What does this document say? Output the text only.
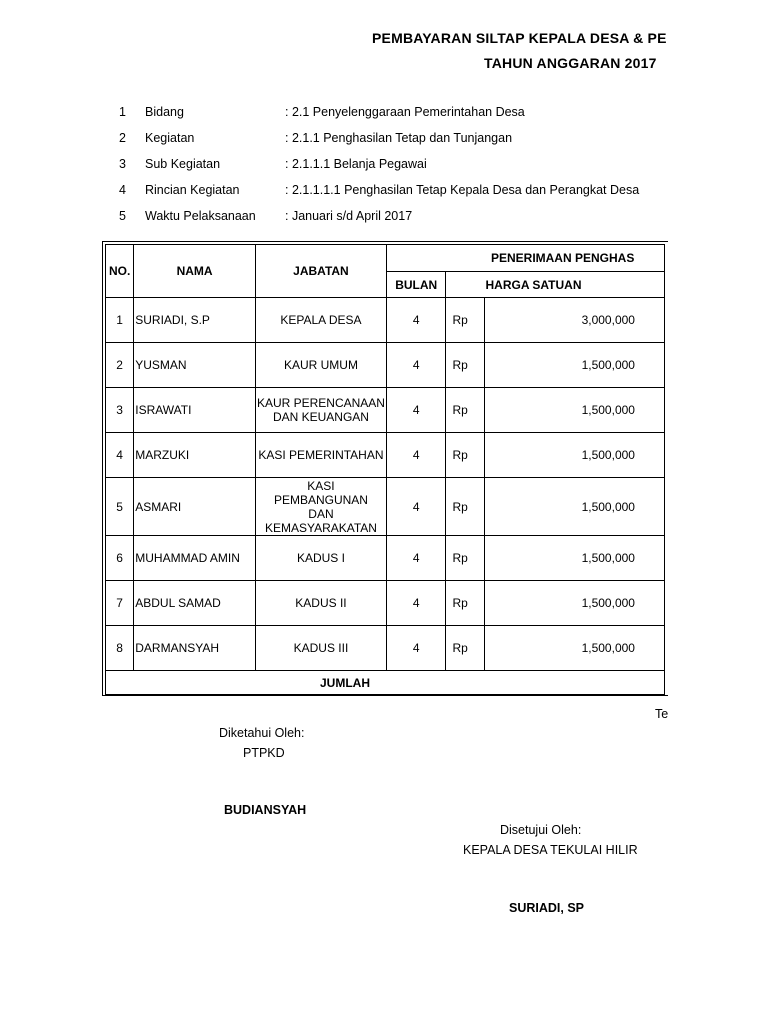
PEMBAYARAN SILTAP KEPALA DESA & PE
TAHUN ANGGARAN 2017
1 Bidang	: 2.1 Penyelenggaraan Pemerintahan Desa
2 Kegiatan	: 2.1.1 Penghasilan Tetap dan Tunjangan
3 Sub Kegiatan	: 2.1.1.1 Belanja Pegawai
4 Rincian Kegiatan	: 2.1.1.1.1 Penghasilan Tetap Kepala Desa dan Perangkat Desa
5 Waktu Pelaksanaan : Januari s/d April 2017
NO.	NAMA	JABATAN	PENERIMAAN PENGHAS		
			BULAN	HARGA SATUAN	
1	SURIADI, S.P	KEPALA DESA	4	Rp	3,000,000
2	YUSMAN	KAUR UMUM	4	Rp	1,500,000
3	ISRAWATI	KAUR PERENCANAAN DAN KEUANGAN	4	Rp	1,500,000
4	MARZUKI	KASI PEMERINTAHAN	4	Rp	1,500,000
5	ASMARI	KASI PEMBANGUNAN DAN KEMASYARAKATAN	4	Rp	1,500,000
6	MUHAMMAD AMIN	KADUS I	4	Rp	1,500,000
7	ABDUL SAMAD	KADUS II	4	Rp	1,500,000
8	DARMANSYAH	KADUS III	4	Rp	1,500,000
JUMLAH					
Te
Diketahui Oleh:
PTPKD
BUDIANSYAH
Disetujui Oleh:
KEPALA DESA TEKULAI HILIR
SURIADI, SP
